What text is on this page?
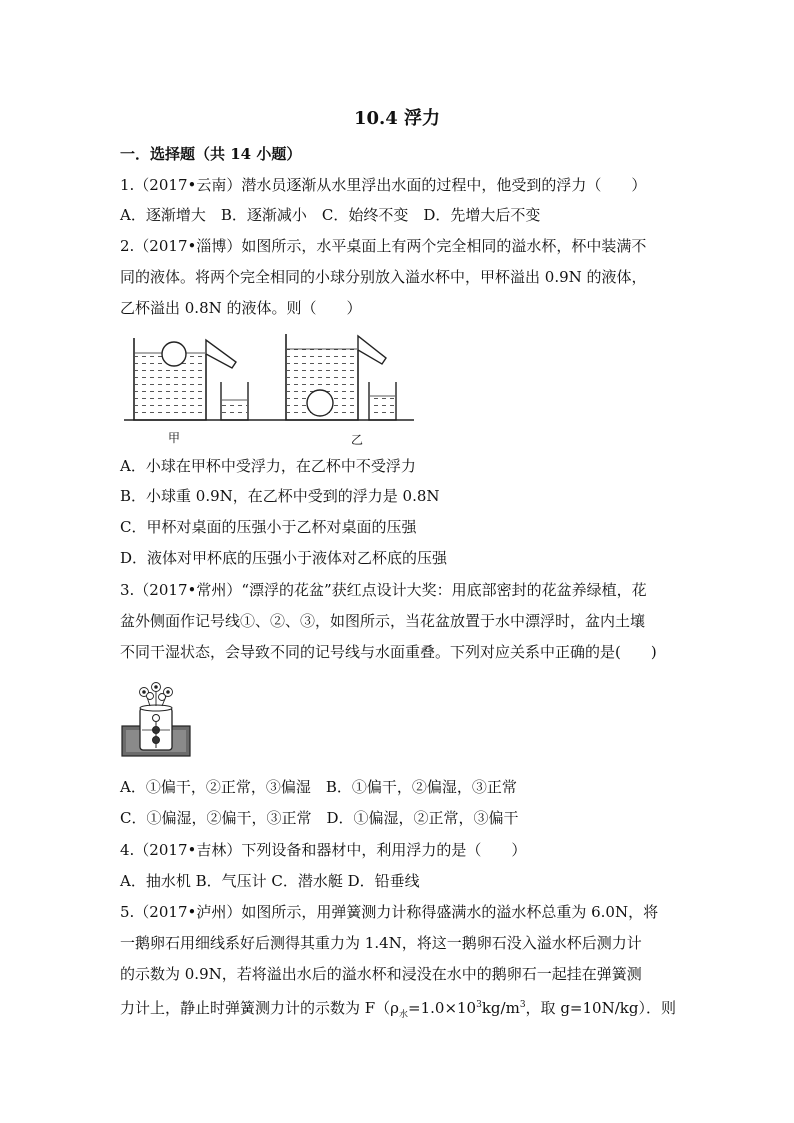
10.4 浮力
一．选择题（共 14 小题）
1.（2017•云南）潜水员逐渐从水里浮出水面的过程中，他受到的浮力（　　）
A．逐渐增大　B．逐渐减小　C．始终不变　D．先增大后不变
2.（2017•淄博）如图所示，水平桌面上有两个完全相同的溢水杯，杯中装满不
同的液体。将两个完全相同的小球分别放入溢水杯中，甲杯溢出 0.9N 的液体，
乙杯溢出 0.8N 的液体。则（　　）
甲	乙
A．小球在甲杯中受浮力，在乙杯中不受浮力
B．小球重 0.9N，在乙杯中受到的浮力是 0.8N
C．甲杯对桌面的压强小于乙杯对桌面的压强
D．液体对甲杯底的压强小于液体对乙杯底的压强
3.（2017•常州）“漂浮的花盆”获红点设计大奖：用底部密封的花盆养绿植，花
盆外侧面作记号线①、②、③，如图所示，当花盆放置于水中漂浮时，盆内土壤
不同干湿状态，会导致不同的记号线与水面重叠。下列对应关系中正确的是(　　)
A．①偏干，②正常，③偏湿　B．①偏干，②偏湿，③正常
C．①偏湿，②偏干，③正常　D．①偏湿，②正常，③偏干
4.（2017•吉林）下列设备和器材中，利用浮力的是（　　）
A．抽水机 B．气压计 C．潜水艇 D．铅垂线
5.（2017•泸州）如图所示，用弹簧测力计称得盛满水的溢水杯总重为 6.0N，将
一鹅卵石用细线系好后测得其重力为 1.4N，将这一鹅卵石没入溢水杯后测力计
的示数为 0.9N，若将溢出水后的溢水杯和浸没在水中的鹅卵石一起挂在弹簧测
力计上，静止时弹簧测力计的示数为 $F(\rho_水=1.0\times 10^3kg/m^3$，取 g=10N/kg）．则
